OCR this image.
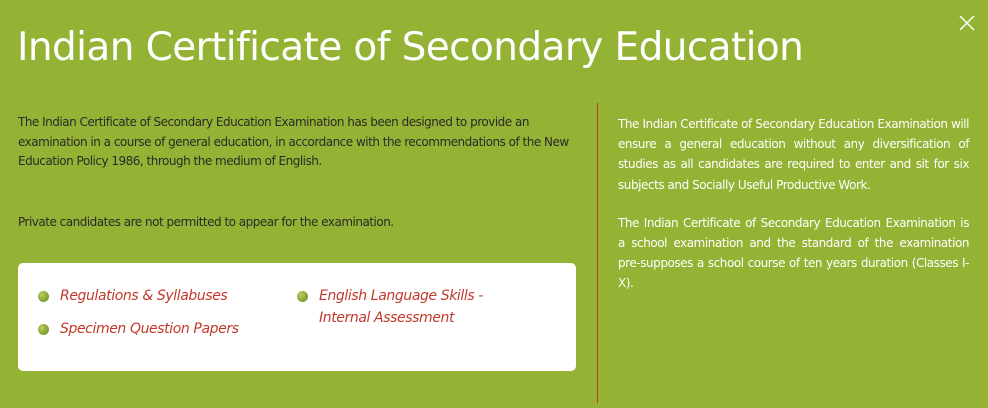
Indian Certificate of Secondary Education

The Indian Certificate of Secondary Education Examination has been designed to provide an examination in a course of general education, in accordance with the recommendations of the New Education Policy 1986, through the medium of English.

Private candidates are not permitted to appear for the examination.

Regulations & Syllabuses
Specimen Question Papers
English Language Skills - Internal Assessment

The Indian Certificate of Secondary Education Examination will ensure a general education without any diversification of studies as all candidates are required to enter and sit for six subjects and Socially Useful Productive Work.

The Indian Certificate of Secondary Education Examination is a school examination and the standard of the examination pre-supposes a school course of ten years duration (Classes I-X).
